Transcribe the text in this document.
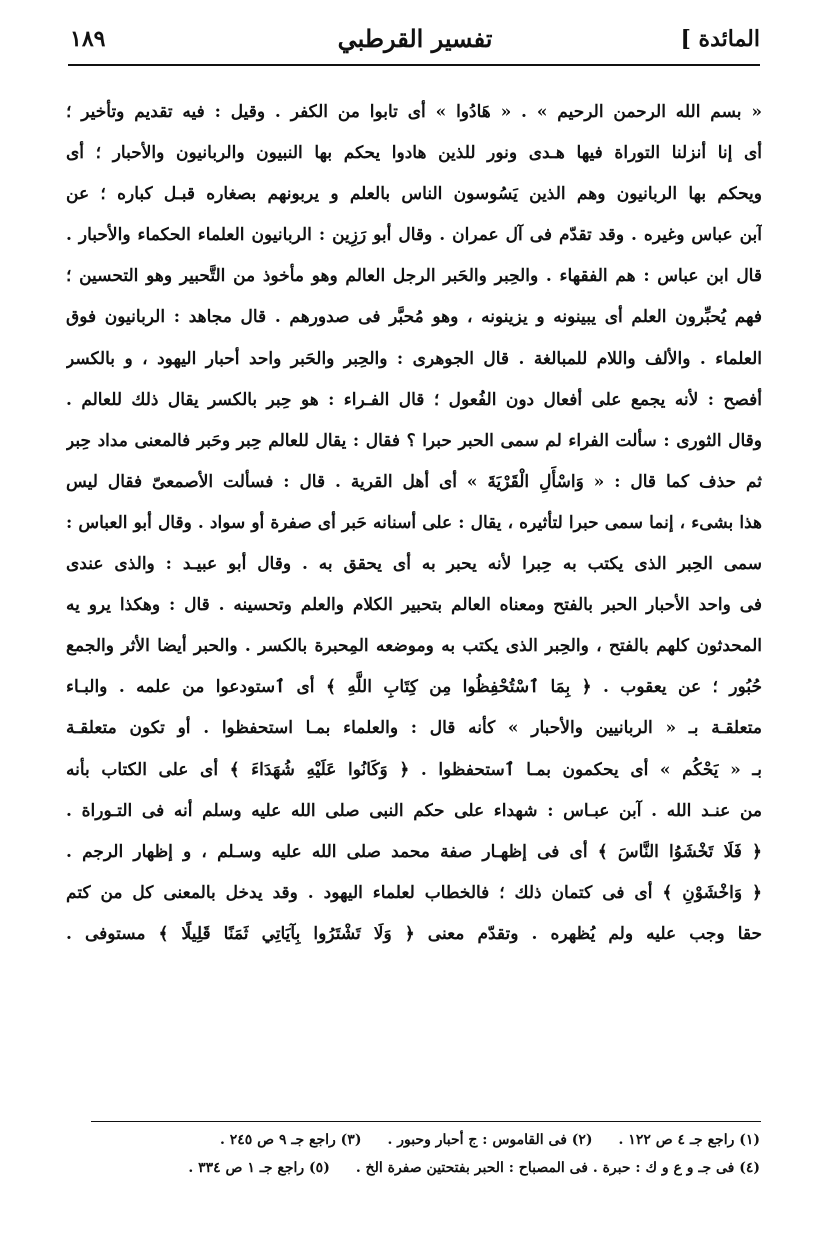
المائدة ]
تفسير القرطبي
١٨٩
« بسم الله الرحمن الرحيم » . « هَادُوا » أى تابوا من الكفر . وقيل : فيه تقديم وتأخير ؛
أى إنا أنزلنا التوراة فيها هـدى ونور للذين هادوا يحكم بها النبيون والربانيون والأحبار ؛ أى
ويحكم بها الربانيون وهم الذين يَسُوسون الناس بالعلم و يربونهم بصغاره قبـل كباره ؛ عن
آبن عباس وغيره . وقد تقدّم فى آل عمران . وقال أبو رَزِين : الربانيون العلماء الحكماء والأحبار .
قال ابن عباس : هم الفقهاء . والحِبر والحَبر الرجل العالم وهو مأخوذ من التَّحبير وهو التحسين ؛
فهم يُحبِّرون العلم أى يبينونه و يزينونه ، وهو مُحبَّر فى صدورهم . قال مجاهد : الربانيون فوق
العلماء . والألف واللام للمبالغة . قال الجوهرى : والحِبر والحَبر واحد أحبار اليهود ، و بالكسر
أفصح : لأنه يجمع على أفعال دون الفُعول ؛ قال الفـراء : هو حِبر بالكسر يقال ذلك للعالم .
وقال الثورى : سألت الفراء لم سمى الحبر حبرا ؟ فقال : يقال للعالم حِبر وحَبر فالمعنى مداد حِبر
ثم حذف كما قال : « وَاسْأَلِ الْقَرْيَةَ » أى أهل القرية . قال : فسألت الأصمعىّ فقال ليس
هذا بشىء ، إنما سمى حبرا لتأثيره ، يقال : على أسنانه حَبر أى صفرة أو سواد . وقال أبو العباس :
سمى الحِبر الذى يكتب به حِبرا لأنه يحبر به أى يحقق به . وقال أبو عبيـد : والذى عندى
فى واحد الأحبار الحبر بالفتح ومعناه العالم بتحبير الكلام والعلم وتحسينه . قال : وهكذا يرو يه
المحدثون كلهم بالفتح ، والحِبر الذى يكتب به وموضعه المِحبرة بالكسر . والحبر أيضا الأثر والجمع
حُبُور ؛ عن يعقوب . ﴿ بِمَا ٱسْتُحْفِظُوا مِن كِتَابِ اللَّهِ ﴾ أى ٱستودعوا من علمه . والبـاء
متعلقـة بـ « الربانيين والأحبار » كأنه قال : والعلماء بمـا استحفظوا . أو تكون متعلقـة
بـ « يَحْكُم » أى يحكمون بمـا ٱستحفظوا . ﴿ وَكَانُوا عَلَيْهِ شُهَدَاءَ ﴾ أى على الكتاب بأنه
من عنـد الله . آبن عبـاس : شهداء على حكم النبى صلى الله عليه وسلم أنه فى التـوراة .
﴿ فَلَا تَخْشَوُا النَّاسَ ﴾ أى فى إظهـار صفة محمد صلى الله عليه وسـلم ، و إظهار الرجم .
﴿ وَاخْشَوْنِ ﴾ أى فى كتمان ذلك ؛ فالخطاب لعلماء اليهود . وقد يدخل بالمعنى كل من كتم
حقا وجب عليه ولم يُظهره . وتقدّم معنى ﴿ وَلَا تَشْتَرُوا بِآيَاتِي ثَمَنًا قَلِيلًا ﴾ مستوفى .
(١) راجع جـ ٤ ص ١٢٢ .
(٢) فى القاموس : ج أحبار وحبور .
(٣) راجع جـ ٩ ص ٢٤٥ .
(٤) فى جـ و ع و ك : حبرة . فى المصباح : الحبر بفتحتين صفرة الخ .
(٥) راجع جـ ١ ص ٣٣٤ .
